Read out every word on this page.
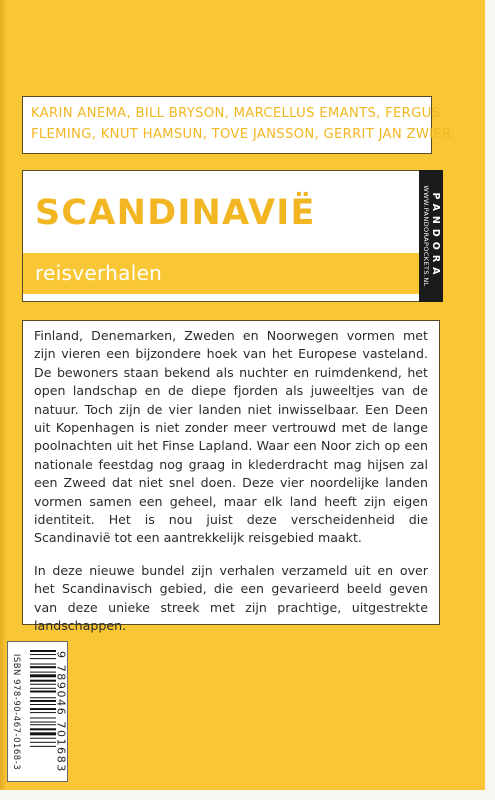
KARIN ANEMA, BILL BRYSON, MARCELLUS EMANTS, FERGUS
FLEMING, KNUT HAMSUN, TOVE JANSSON, GERRIT JAN ZWIER
SCANDINAVIË
reisverhalen	PANDORA
WWW.PANDORAPOCKETS.NL

Finland, Denemarken, Zweden en Noorwegen vormen met zijn vieren een bijzondere hoek van het Europese vasteland. De bewoners staan bekend als nuchter en ruimdenkend, het open landschap en de diepe fjorden als juweeltjes van de natuur. Toch zijn de vier landen niet inwisselbaar. Een Deen uit Kopenhagen is niet zonder meer vertrouwd met de lange poolnachten uit het Finse Lapland. Waar een Noor zich op een nationale feestdag nog graag in klederdracht mag hijsen zal een Zweed dat niet snel doen. Deze vier noordelijke landen vormen samen een geheel, maar elk land heeft zijn eigen identiteit. Het is nou juist deze verscheidenheid die Scandinavië tot een aantrekkelijk reisgebied maakt.

In deze nieuwe bundel zijn verhalen verzameld uit en over het Scandinavisch gebied, die een gevarieerd beeld geven van deze unieke streek met zijn prachtige, uitgestrekte landschappen.

ISBN 978-90-467-0168-3	9 789046 701683
